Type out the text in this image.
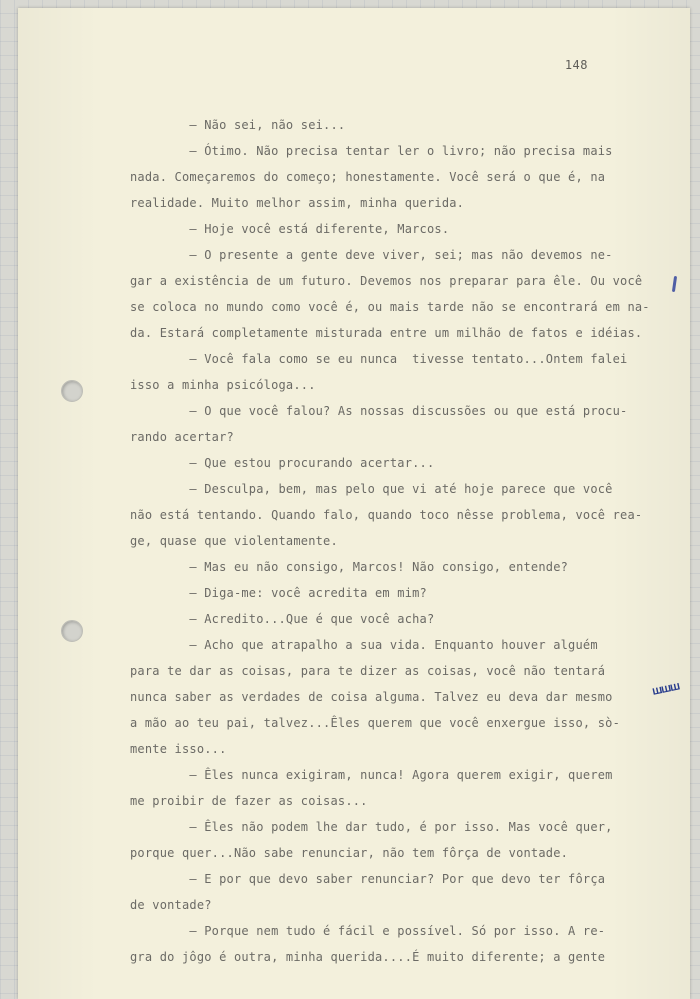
148
ꟺꟺꟺ
– Não sei, não sei...
– Ótimo. Não precisa tentar ler o livro; não precisa mais
nada. Começaremos do começo; honestamente. Você será o que é, na
realidade. Muito melhor assim, minha querida.
– Hoje você está diferente, Marcos.
– O presente a gente deve viver, sei; mas não devemos ne-
gar a existência de um futuro. Devemos nos preparar para êle. Ou você
se coloca no mundo como você é, ou mais tarde não se encontrará em na-
da. Estará completamente misturada entre um milhão de fatos e idéias.
– Você fala como se eu nunca  tivesse tentato...Ontem falei
isso a minha psicóloga...
– O que você falou? As nossas discussões ou que está procu-
rando acertar?
– Que estou procurando acertar...
– Desculpa, bem, mas pelo que vi até hoje parece que você
não está tentando. Quando falo, quando toco nêsse problema, você rea-
ge, quase que violentamente.
– Mas eu não consigo, Marcos! Não consigo, entende?
– Diga-me: você acredita em mim?
– Acredito...Que é que você acha?
– Acho que atrapalho a sua vida. Enquanto houver alguém
para te dar as coisas, para te dizer as coisas, você não tentará
nunca saber as verdades de coisa alguma. Talvez eu deva dar mesmo
a mão ao teu pai, talvez...Êles querem que você enxergue isso, sò-
mente isso...
– Êles nunca exigiram, nunca! Agora querem exigir, querem
me proibir de fazer as coisas...
– Êles não podem lhe dar tudo, é por isso. Mas você quer,
porque quer...Não sabe renunciar, não tem fôrça de vontade.
– E por que devo saber renunciar? Por que devo ter fôrça
de vontade?
– Porque nem tudo é fácil e possível. Só por isso. A re-
gra do jôgo é outra, minha querida....É muito diferente; a gente
